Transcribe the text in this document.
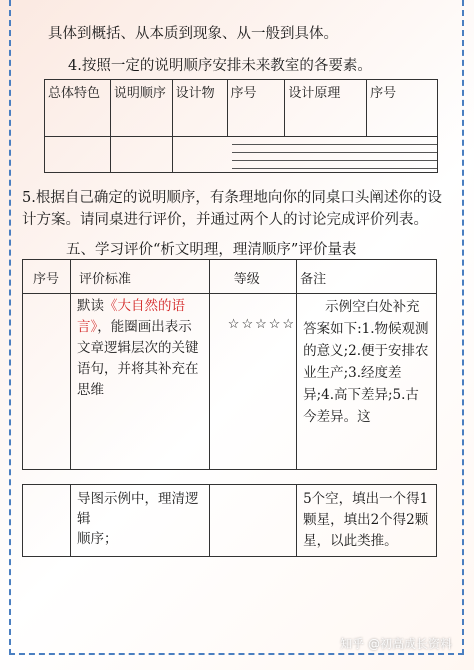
具体到概括、从本质到现象、从一般到具体。
4.按照一定的说明顺序安排未来教室的各要素。
总体特色	说明顺序	设计物	序号	设计原理	序号

5.根据自己确定的说明顺序，有条理地向你的同桌口头阐述你的设
计方案。请同桌进行评价，并通过两个人的讨论完成评价列表。
五、学习评价“析文明理，理清顺序”评价量表
序号	评价标准	等级	备注
	默读《大自然的语言》，能圈画出表示文章逻辑层次的关键语句，并将其补充在思维	☆☆☆☆☆	示例空白处补充答案如下:1.物候观测的意义;2.便于安排农业生产;3.经度差异;4.高下差异;5.古今差异。这

	导图示例中，理清逻辑
顺序；		5个空，填出一个得1颗星，填出2个得2颗星，以此类推。
知乎 @初高成长资料
